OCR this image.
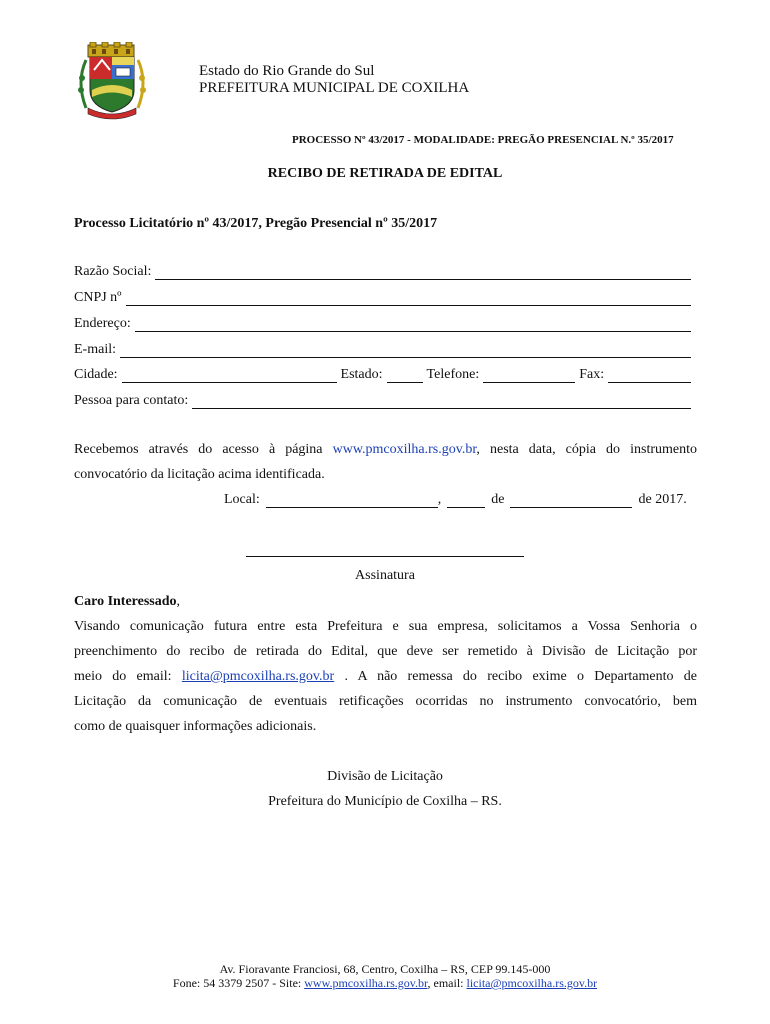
Estado do Rio Grande do Sul
PREFEITURA MUNICIPAL DE COXILHA
PROCESSO Nº 43/2017 - MODALIDADE: PREGÃO PRESENCIAL N.º 35/2017
RECIBO DE RETIRADA DE EDITAL
Processo Licitatório nº 43/2017, Pregão Presencial nº 35/2017
Razão Social:
CNPJ nº
Endereço:
E-mail:
Cidade:	Estado:	Telefone:	Fax:
Pessoa para contato:
Recebemos através do acesso à página www.pmcoxilha.rs.gov.br, nesta data, cópia do instrumento
convocatório da licitação acima identificada.
Local:	,	de	de 2017.
Assinatura
Caro Interessado,
Visando comunicação futura entre esta Prefeitura e sua empresa, solicitamos a Vossa Senhoria o
preenchimento do recibo de retirada do Edital, que deve ser remetido à Divisão de Licitação por
meio do email: licita@pmcoxilha.rs.gov.br . A não remessa do recibo exime o Departamento de
Licitação da comunicação de eventuais retificações ocorridas no instrumento convocatório, bem
como de quaisquer informações adicionais.
Divisão de Licitação
Prefeitura do Município de Coxilha – RS.
Av. Fioravante Franciosi, 68, Centro, Coxilha – RS, CEP 99.145-000
Fone: 54 3379 2507 - Site: www.pmcoxilha.rs.gov.br, email: licita@pmcoxilha.rs.gov.br
